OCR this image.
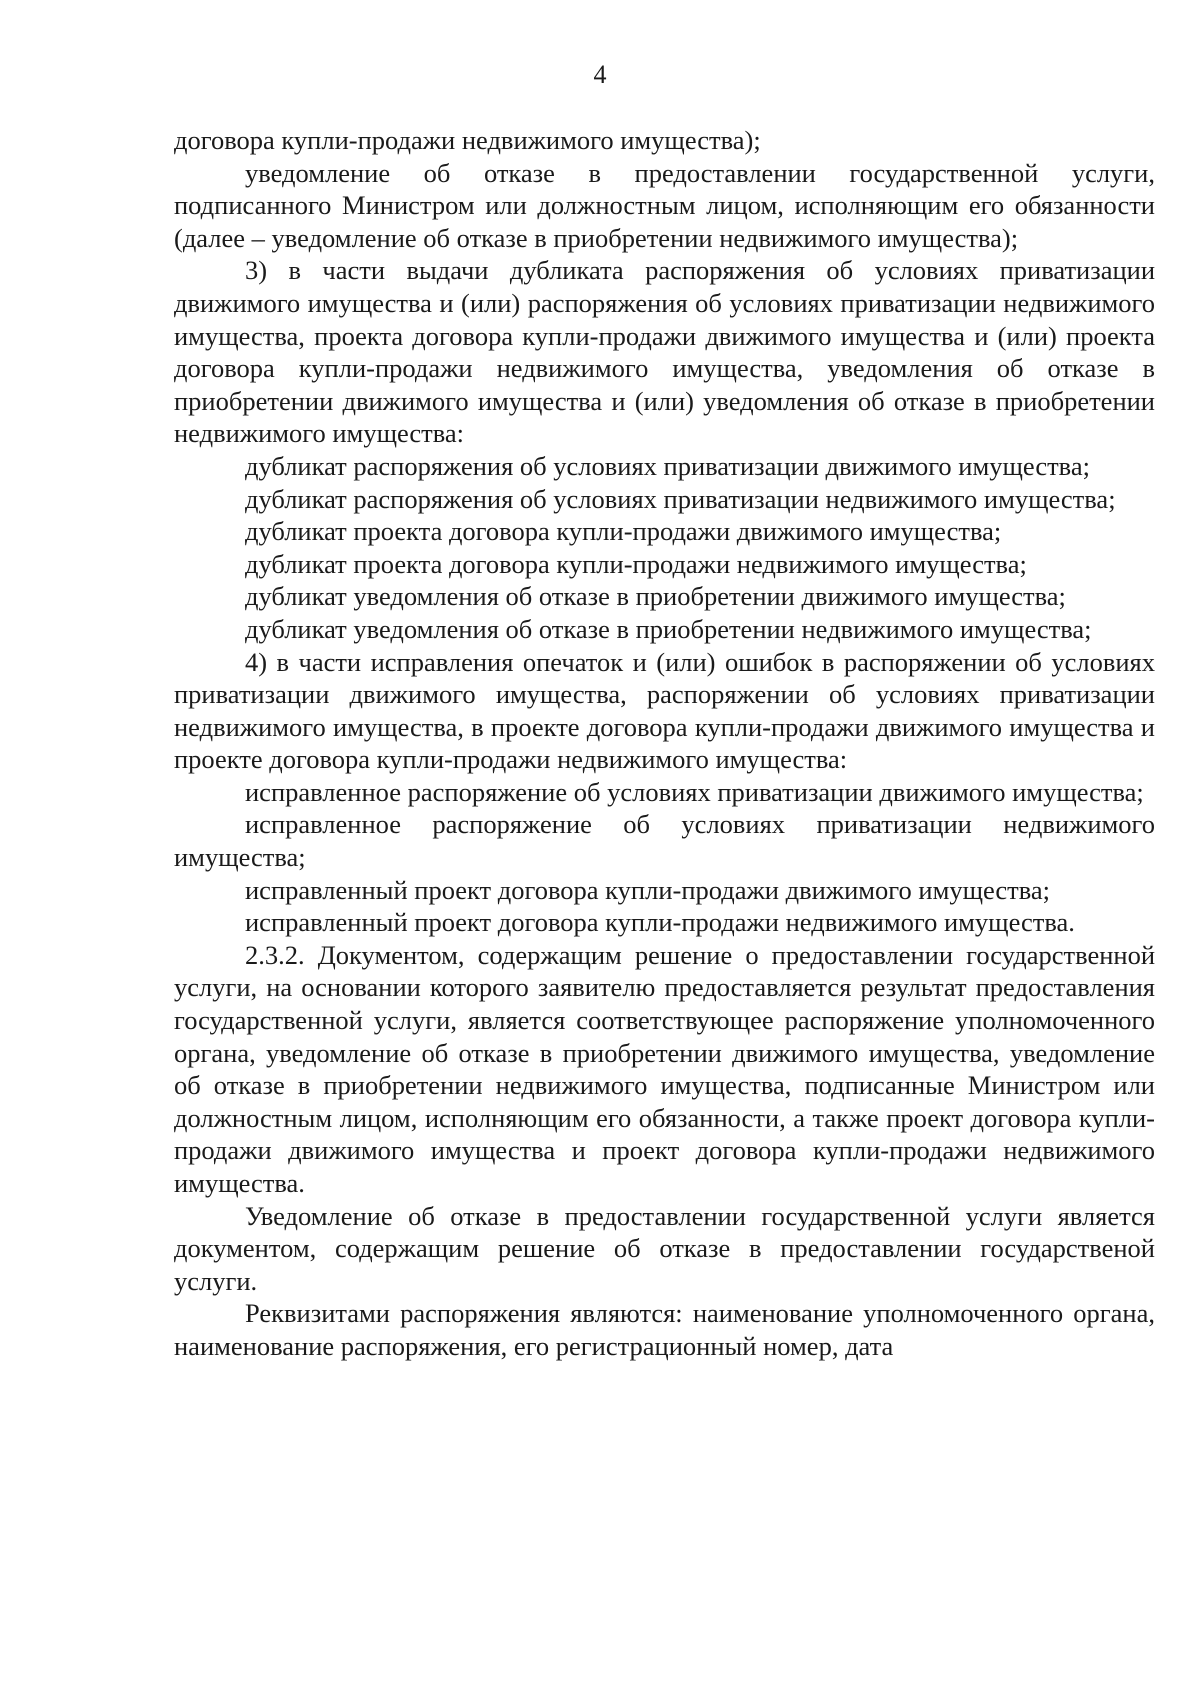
4

договора купли-продажи недвижимого имущества);

уведомление об отказе в предоставлении государственной услуги, подписанного Министром или должностным лицом, исполняющим его обязанности (далее – уведомление об отказе в приобретении недвижимого имущества);

3) в части выдачи дубликата распоряжения об условиях приватизации движимого имущества и (или) распоряжения об условиях приватизации недвижимого имущества, проекта договора купли-продажи движимого имущества и (или) проекта договора купли-продажи недвижимого имущества, уведомления об отказе в приобретении движимого имущества и (или) уведомления об отказе в приобретении недвижимого имущества:

дубликат распоряжения об условиях приватизации движимого имущества;

дубликат распоряжения об условиях приватизации недвижимого имущества;

дубликат проекта договора купли-продажи движимого имущества;

дубликат проекта договора купли-продажи недвижимого имущества;

дубликат уведомления об отказе в приобретении движимого имущества;

дубликат уведомления об отказе в приобретении недвижимого имущества;

4) в части исправления опечаток и (или) ошибок в распоряжении об условиях приватизации движимого имущества, распоряжении об условиях приватизации недвижимого имущества, в проекте договора купли-продажи движимого имущества и проекте договора купли-продажи недвижимого имущества:

исправленное распоряжение об условиях приватизации движимого имущества;

исправленное распоряжение об условиях приватизации недвижимого имущества;

исправленный проект договора купли-продажи движимого имущества;

исправленный проект договора купли-продажи недвижимого имущества.

2.3.2. Документом, содержащим решение о предоставлении государственной услуги, на основании которого заявителю предоставляется результат предоставления государственной услуги, является соответствующее распоряжение уполномоченного органа, уведомление об отказе в приобретении движимого имущества, уведомление об отказе в приобретении недвижимого имущества, подписанные Министром или должностным лицом, исполняющим его обязанности, а также проект договора купли-продажи движимого имущества и проект договора купли-продажи недвижимого имущества.

Уведомление об отказе в предоставлении государственной услуги является документом, содержащим решение об отказе в предоставлении государственой услуги.

Реквизитами распоряжения являются: наименование уполномоченного органа, наименование распоряжения, его регистрационный номер, дата
